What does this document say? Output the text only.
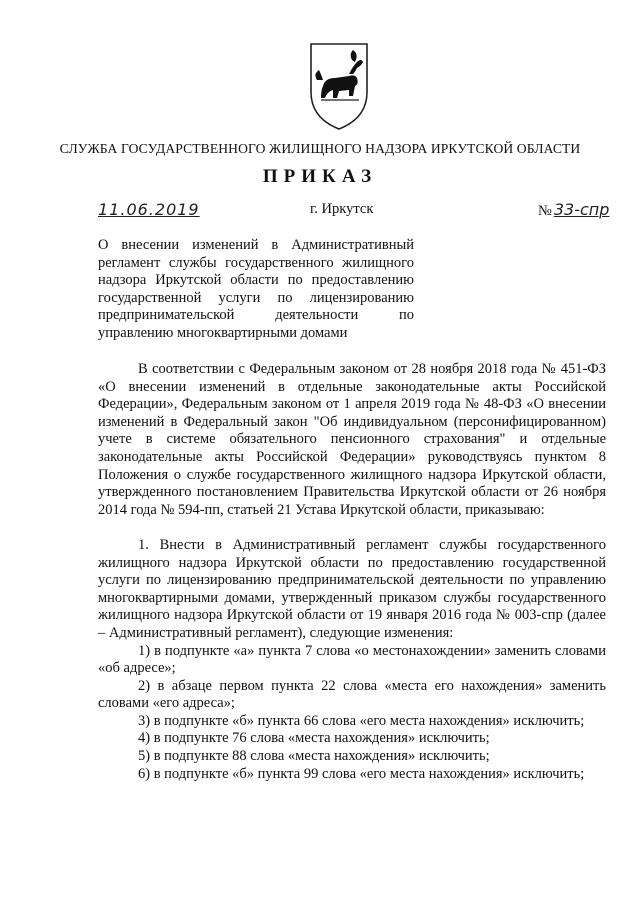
СЛУЖБА ГОСУДАРСТВЕННОГО ЖИЛИЩНОГО НАДЗОРА ИРКУТСКОЙ ОБЛАСТИ
ПРИКАЗ
11.06.2019	г. Иркутск	№ 33-спр
О внесении изменений в Административный регламент службы государственного жилищного надзора Иркутской области по предоставлению государственной услуги по лицензированию предпринимательской деятельности по управлению многоквартирными домами

В соответствии с Федеральным законом от 28 ноября 2018 года № 451-ФЗ «О внесении изменений в отдельные законодательные акты Российской Федерации», Федеральным законом от 1 апреля 2019 года № 48-ФЗ «О внесении изменений в Федеральный закон "Об индивидуальном (персонифицированном) учете в системе обязательного пенсионного страхования" и отдельные законодательные акты Российской Федерации» руководствуясь пунктом 8 Положения о службе государственного жилищного надзора Иркутской области, утвержденного постановлением Правительства Иркутской области от 26 ноября 2014 года № 594-пп, статьей 21 Устава Иркутской области, приказываю:

1. Внести в Административный регламент службы государственного жилищного надзора Иркутской области по предоставлению государственной услуги по лицензированию предпринимательской деятельности по управлению многоквартирными домами, утвержденный приказом службы государственного жилищного надзора Иркутской области от 19 января 2016 года № 003-спр (далее – Административный регламент), следующие изменения:

1) в подпункте «а» пункта 7 слова «о местонахождении» заменить словами «об адресе»;

2) в абзаце первом пункта 22 слова «места его нахождения» заменить словами «его адреса»;

3) в подпункте «б» пункта 66 слова «его места нахождения» исключить;

4) в подпункте 76 слова «места нахождения» исключить;

5) в подпункте 88 слова «места нахождения» исключить;

6) в подпункте «б» пункта 99 слова «его места нахождения» исключить;
